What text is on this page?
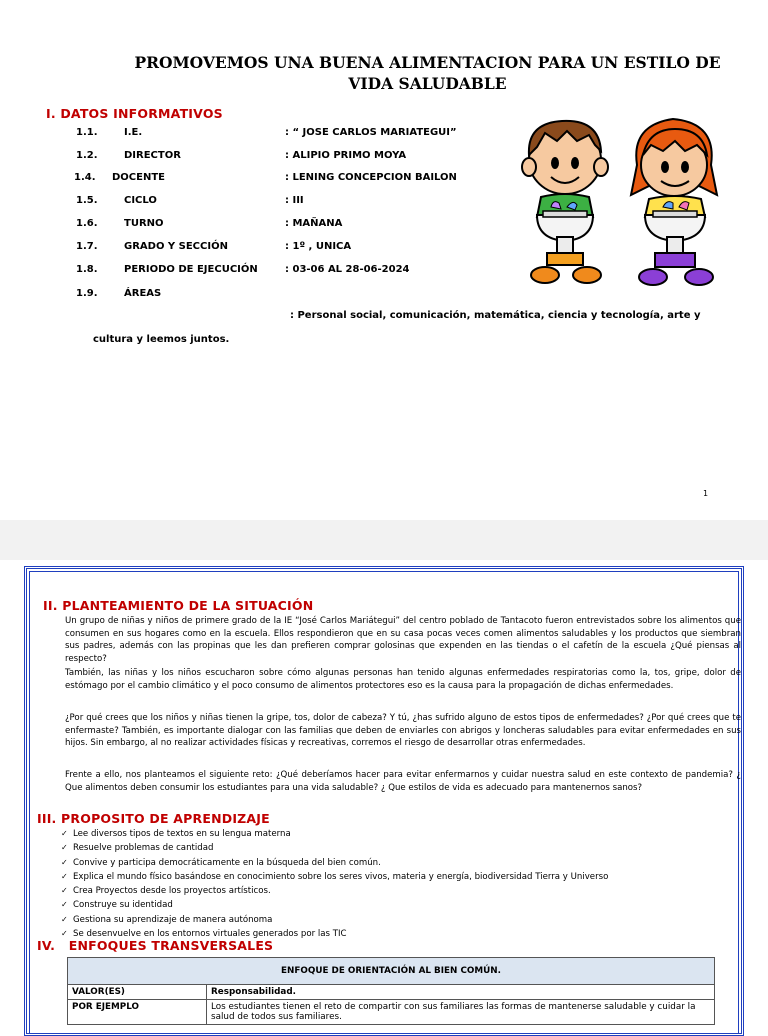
PROMOVEMOS UNA BUENA ALIMENTACION PARA UN ESTILO DE
VIDA SALUDABLE
I. DATOS INFORMATIVOS
1.1.	I.E.	: “ JOSE CARLOS MARIATEGUI”
1.2.	DIRECTOR	: ALIPIO PRIMO MOYA
1.4. DOCENTE	: LENING CONCEPCION BAILON
1.5.	CICLO	: III
1.6.	TURNO	: MAÑANA
1.7.	GRADO Y SECCIÓN	: 1º , UNICA
1.8.	PERIODO DE EJECUCIÓN	: 03-06 AL 28-06-2024
1.9.	ÁREAS
: Personal social, comunicación, matemática, ciencia y tecnología, arte y
cultura y leemos juntos.
1
II. PLANTEAMIENTO DE LA SITUACIÓN
Un grupo de niñas y niños de primere grado de la IE “José Carlos Mariátegui” del centro poblado de Tantacoto fueron entrevistados sobre los alimentos que consumen en sus hogares como en la escuela. Ellos respondieron que en su casa pocas veces comen alimentos saludables y los productos que siembran sus padres, además con las propinas que les dan prefieren comprar golosinas que expenden en las tiendas o el cafetín de la escuela ¿Qué piensas al respecto?
También, las niñas y los niños escucharon sobre cómo algunas personas han tenido algunas enfermedades respiratorias como la, tos, gripe, dolor de estómago por el cambio climático y el poco consumo de alimentos protectores eso es la causa para la propagación de dichas enfermedades.
¿Por qué crees que los niños y niñas tienen la gripe, tos, dolor de cabeza? Y tú, ¿has sufrido alguno de estos tipos de enfermedades? ¿Por qué crees que te enfermaste? También, es importante dialogar con las familias que deben de enviarles con abrigos y loncheras saludables para evitar enfermedades en sus hijos. Sin embargo, al no realizar actividades físicas y recreativas, corremos el riesgo de desarrollar otras enfermedades.
Frente a ello, nos planteamos el siguiente reto: ¿Qué deberíamos hacer para evitar enfermarnos y cuidar nuestra salud en este contexto de pandemia? ¿ Que alimentos deben consumir los estudiantes para una vida saludable? ¿ Que estilos de vida es adecuado para mantenernos sanos?
III. PROPOSITO DE APRENDIZAJE
✓ Lee diversos tipos de textos en su lengua materna
✓ Resuelve problemas de cantidad
✓ Convive y participa democráticamente en la búsqueda del bien común.
✓ Explica el mundo físico basándose en conocimiento sobre los seres vivos, materia y energía, biodiversidad Tierra y Universo
✓ Crea Proyectos desde los proyectos artísticos.
✓ Construye su identidad
✓ Gestiona su aprendizaje de manera autónoma
✓ Se desenvuelve en los entornos virtuales generados por las TIC
IV.   ENFOQUES TRANSVERSALES
ENFOQUE DE ORIENTACIÓN AL BIEN COMÚN.	
VALOR(ES)	Responsabilidad.
POR EJEMPLO	Los estudiantes tienen el reto de compartir con sus familiares las formas de mantenerse saludable y cuidar la salud de todos sus familiares.
